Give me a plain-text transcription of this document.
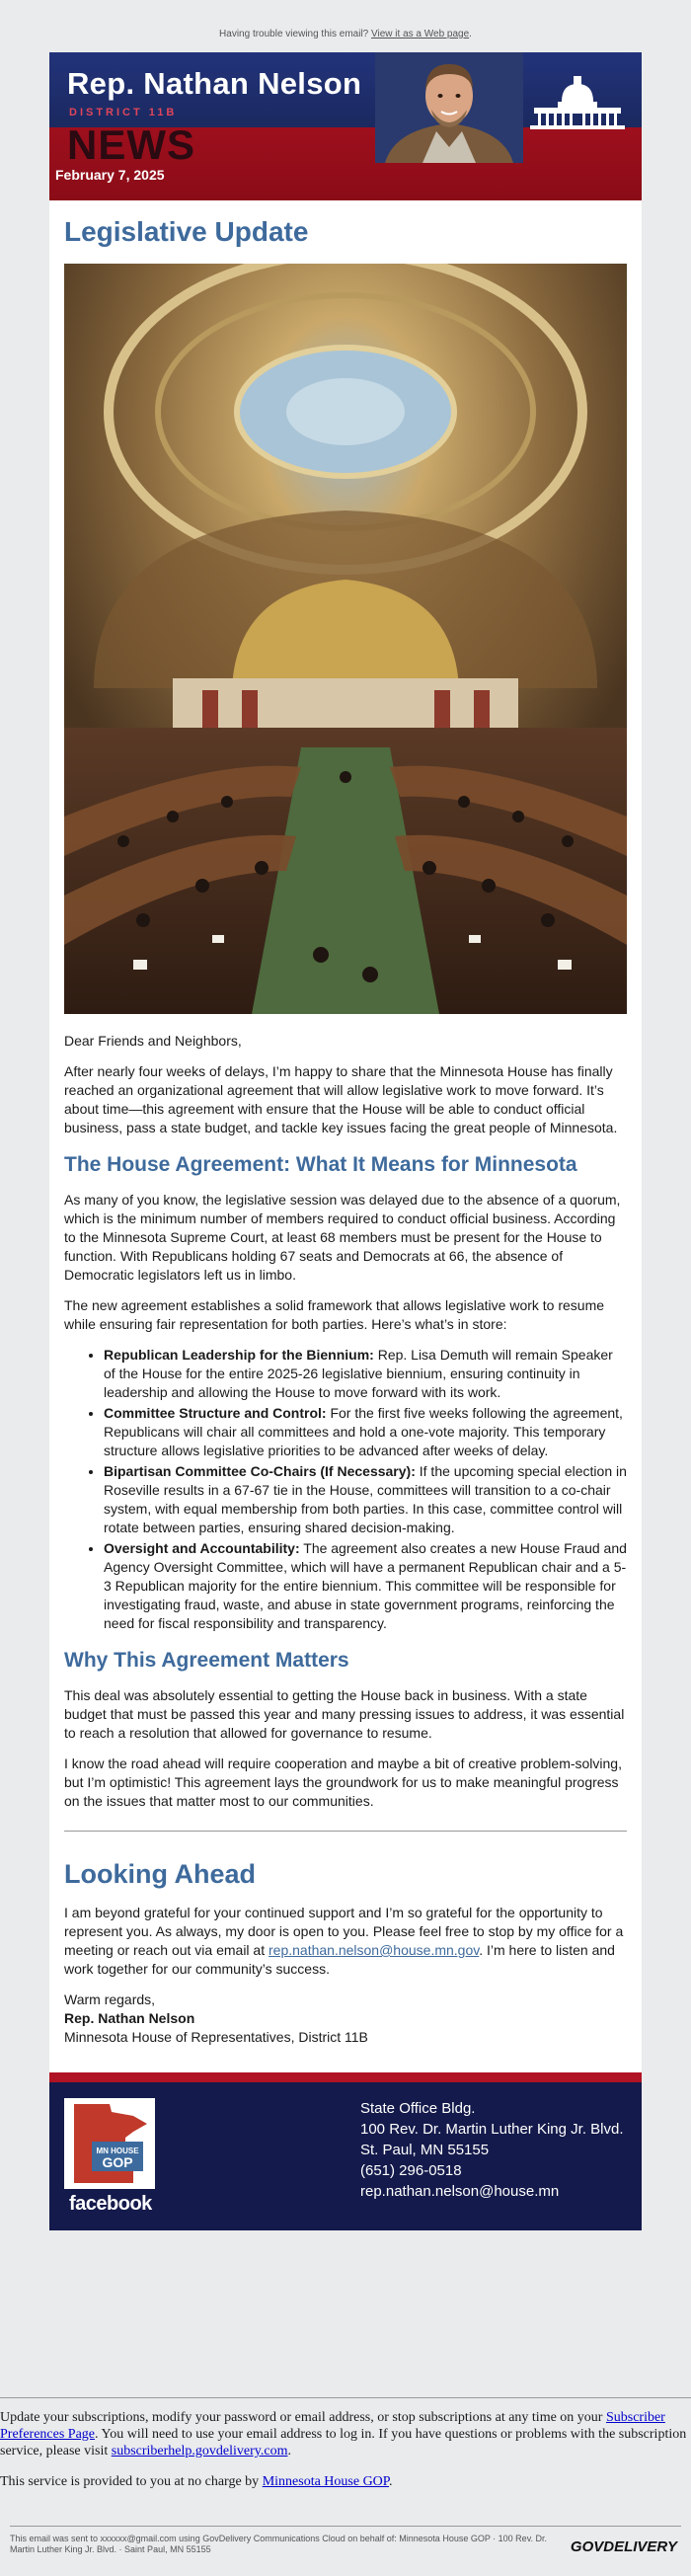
Having trouble viewing this email? View it as a Web page.
Rep. Nathan Nelson
DISTRICT 11B
NEWS
February 7, 2025
Legislative Update

Dear Friends and Neighbors,

After nearly four weeks of delays, I’m happy to share that the Minnesota House has finally reached an organizational agreement that will allow legislative work to move forward. It’s about time—this agreement with ensure that the House will be able to conduct official business, pass a state budget, and tackle key issues facing the great people of Minnesota.

The House Agreement: What It Means for Minnesota

As many of you know, the legislative session was delayed due to the absence of a quorum, which is the minimum number of members required to conduct official business. According to the Minnesota Supreme Court, at least 68 members must be present for the House to function. With Republicans holding 67 seats and Democrats at 66, the absence of Democratic legislators left us in limbo.

The new agreement establishes a solid framework that allows legislative work to resume while ensuring fair representation for both parties. Here’s what’s in store:

• Republican Leadership for the Biennium: Rep. Lisa Demuth will remain Speaker of the House for the entire 2025-26 legislative biennium, ensuring continuity in leadership and allowing the House to move forward with its work.
• Committee Structure and Control: For the first five weeks following the agreement, Republicans will chair all committees and hold a one-vote majority. This temporary structure allows legislative priorities to be advanced after weeks of delay.
• Bipartisan Committee Co-Chairs (If Necessary): If the upcoming special election in Roseville results in a 67-67 tie in the House, committees will transition to a co-chair system, with equal membership from both parties. In this case, committee control will rotate between parties, ensuring shared decision-making.
• Oversight and Accountability: The agreement also creates a new House Fraud and Agency Oversight Committee, which will have a permanent Republican chair and a 5-3 Republican majority for the entire biennium. This committee will be responsible for investigating fraud, waste, and abuse in state government programs, reinforcing the need for fiscal responsibility and transparency.
Why This Agreement Matters

This deal was absolutely essential to getting the House back in business. With a state budget that must be passed this year and many pressing issues to address, it was essential to reach a resolution that allowed for governance to resume.

I know the road ahead will require cooperation and maybe a bit of creative problem-solving, but I’m optimistic! This agreement lays the groundwork for us to make meaningful progress on the issues that matter most to our communities.

Looking Ahead

I am beyond grateful for your continued support and I’m so grateful for the opportunity to represent you. As always, my door is open to you. Please feel free to stop by my office for a meeting or reach out via email at rep.nathan.nelson@house.mn.gov. I’m here to listen and work together for our community’s success.

Warm regards,

Rep. Nathan Nelson

Minnesota House of Representatives, District 11B

MN HOUSE
GOP
facebook
State Office Bldg.
100 Rev. Dr. Martin Luther King Jr. Blvd.
St. Paul, MN 55155
(651) 296-0518
rep.nathan.nelson@house.mn

Update your subscriptions, modify your password or email address, or stop subscriptions at any time on your Subscriber Preferences Page. You will need to use your email address to log in. If you have questions or problems with the subscription service, please visit subscriberhelp.govdelivery.com.

This service is provided to you at no charge by Minnesota House GOP.

This email was sent to xxxxxx@gmail.com using GovDelivery Communications Cloud on behalf of: Minnesota House GOP · 100 Rev. Dr. Martin Luther King Jr. Blvd. · Saint Paul, MN 55155	GOVDELIVERY
